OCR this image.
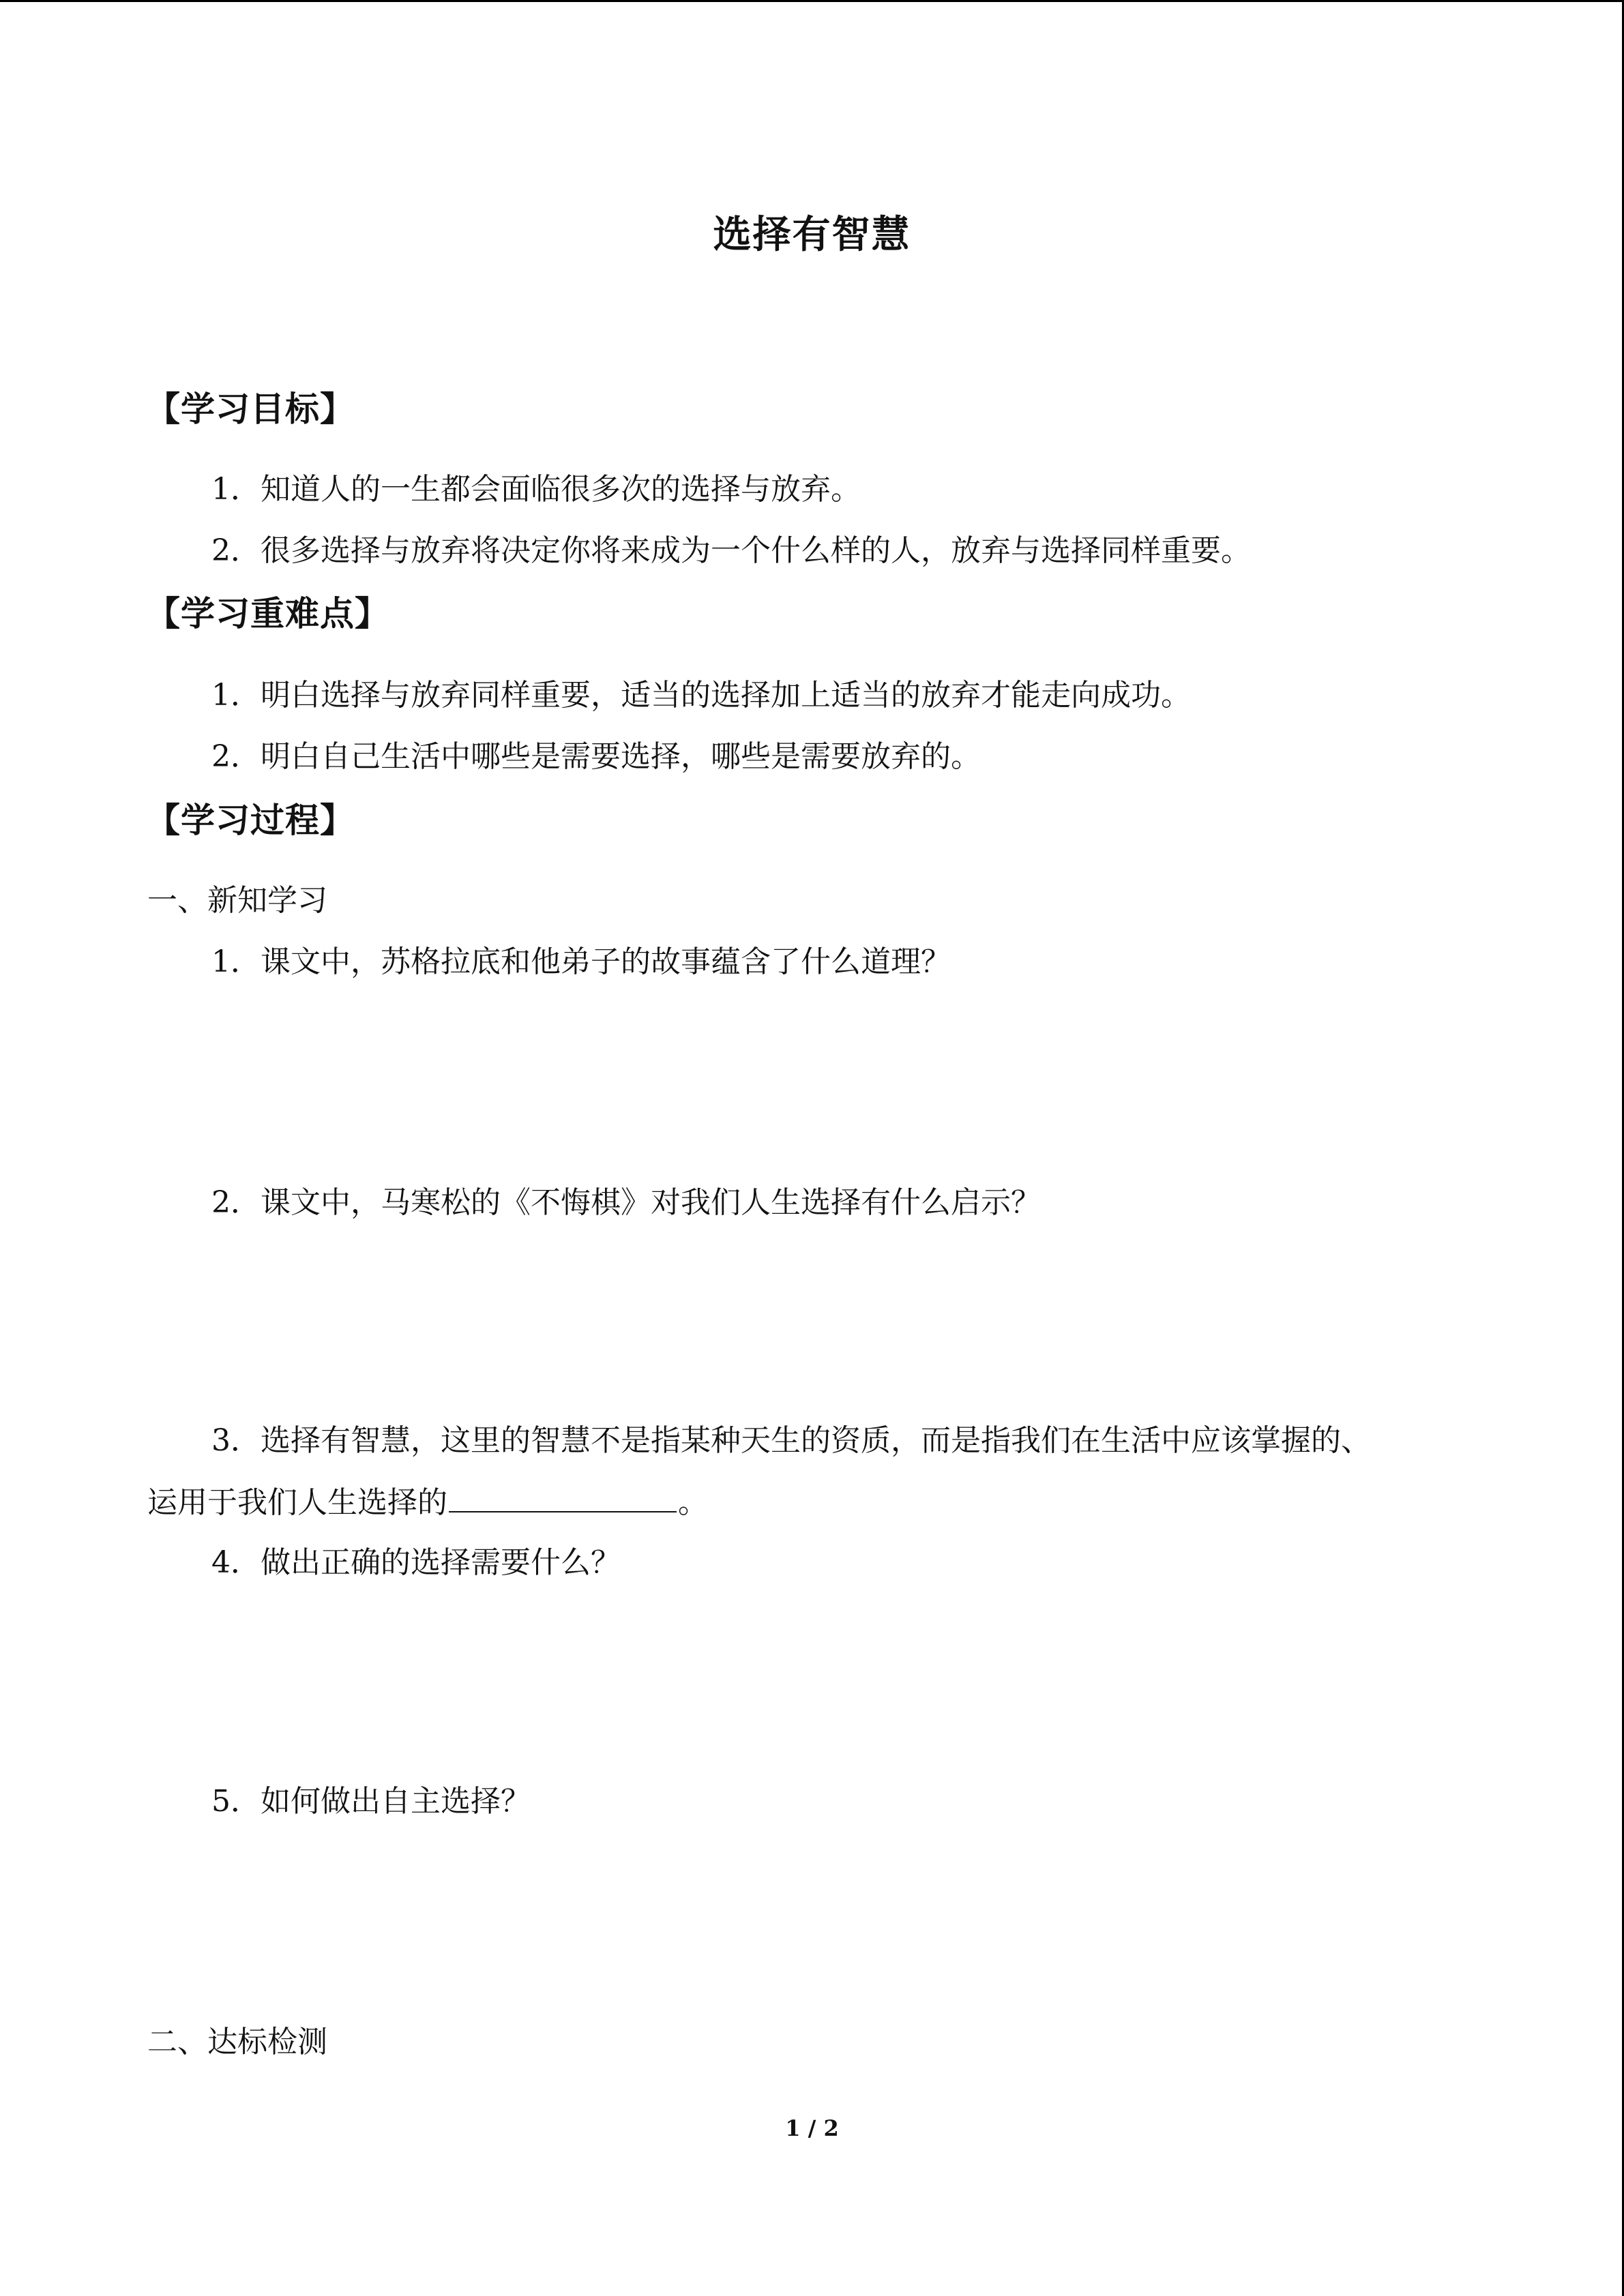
选择有智慧
【学习目标】
1．知道人的一生都会面临很多次的选择与放弃。
2．很多选择与放弃将决定你将来成为一个什么样的人，放弃与选择同样重要。
【学习重难点】
1．明白选择与放弃同样重要，适当的选择加上适当的放弃才能走向成功。
2．明白自己生活中哪些是需要选择，哪些是需要放弃的。
【学习过程】
一、新知学习
1．课文中，苏格拉底和他弟子的故事蕴含了什么道理？
2．课文中，马寒松的《不悔棋》对我们人生选择有什么启示？
3．选择有智慧，这里的智慧不是指某种天生的资质，而是指我们在生活中应该掌握的、
运用于我们人生选择的	。
4．做出正确的选择需要什么？
5．如何做出自主选择？
二、达标检测
1 / 2
